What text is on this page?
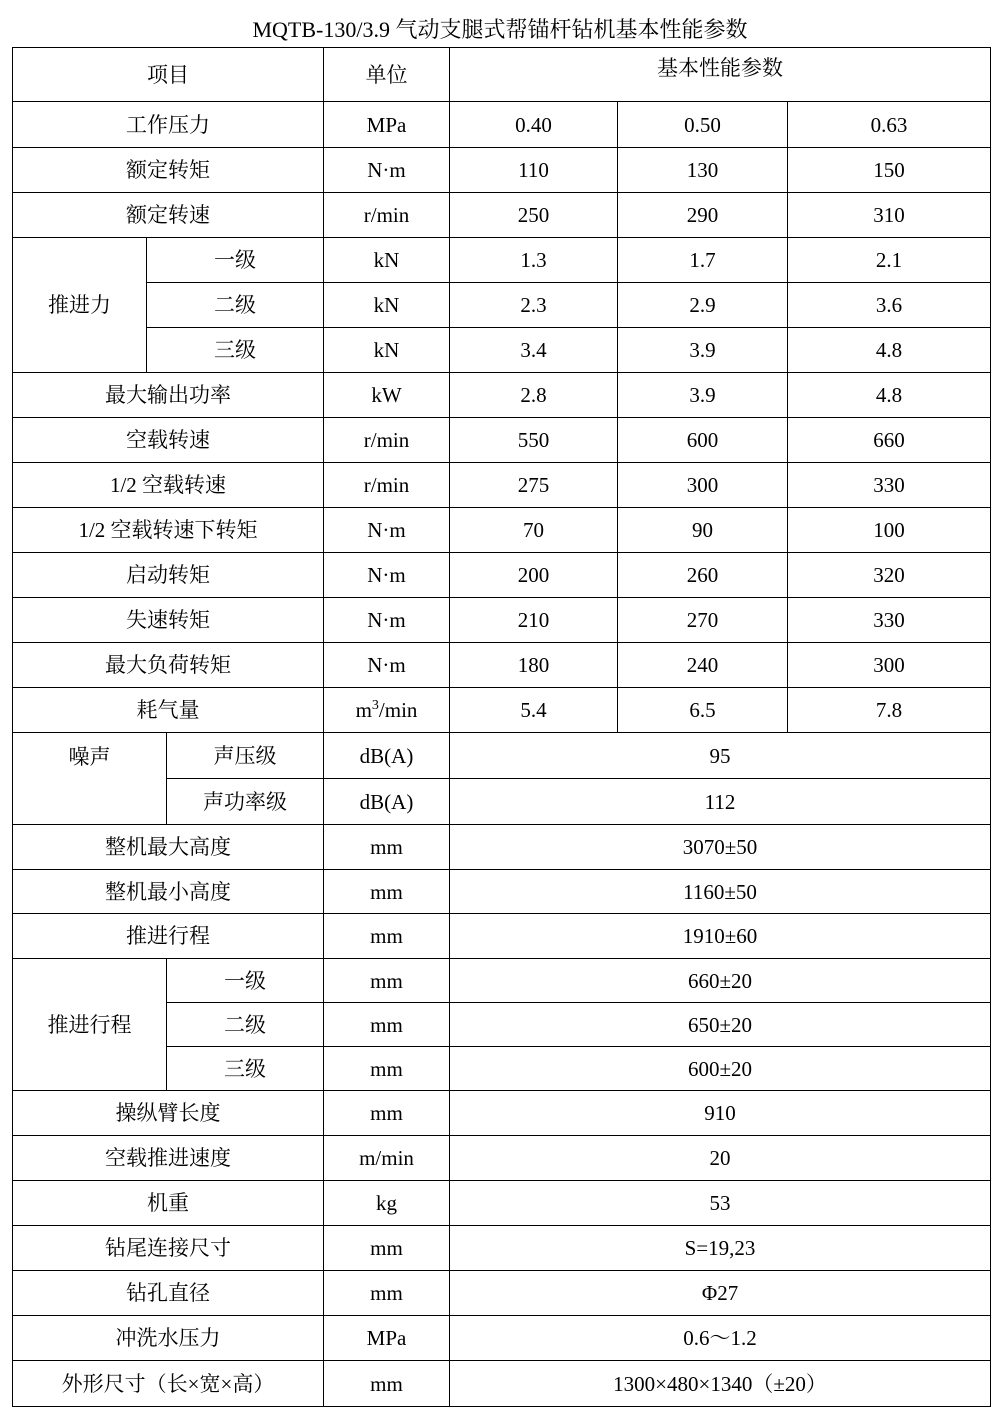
MQTB-130/3.9 气动支腿式帮锚杆钻机基本性能参数
项目			单位	基本性能参数		
工作压力			MPa	0.40	0.50	0.63
额定转矩			N·m	110	130	150
额定转速			r/min	250	290	310
推进力	一级		kN	1.3	1.7	2.1
	二级		kN	2.3	2.9	3.6
	三级		kN	3.4	3.9	4.8
最大输出功率			kW	2.8	3.9	4.8
空载转速			r/min	550	600	660
1/2 空载转速			r/min	275	300	330
1/2 空载转速下转矩			N·m	70	90	100
启动转矩			N·m	200	260	320
失速转矩			N·m	210	270	330
最大负荷转矩			N·m	180	240	300
耗气量			$m^3/\min$	5.4	6.5	7.8
噪声		声压级	dB(A)	95		
		声功率级	dB(A)	112		
整机最大高度			mm	3070±50		
整机最小高度			mm	1160±50		
推进行程			mm	1910±60		
推进行程		一级	mm	660±20		
		二级	mm	650±20		
		三级	mm	600±20		
操纵臂长度			mm	910		
空载推进速度			m/min	20		
机重			kg	53		
钻尾连接尺寸			mm	S=19,23		
钻孔直径			mm	Φ27		
冲洗水压力			MPa	0.6～1.2		
外形尺寸（长×宽×高）			mm	1300×480×1340（±20）		
